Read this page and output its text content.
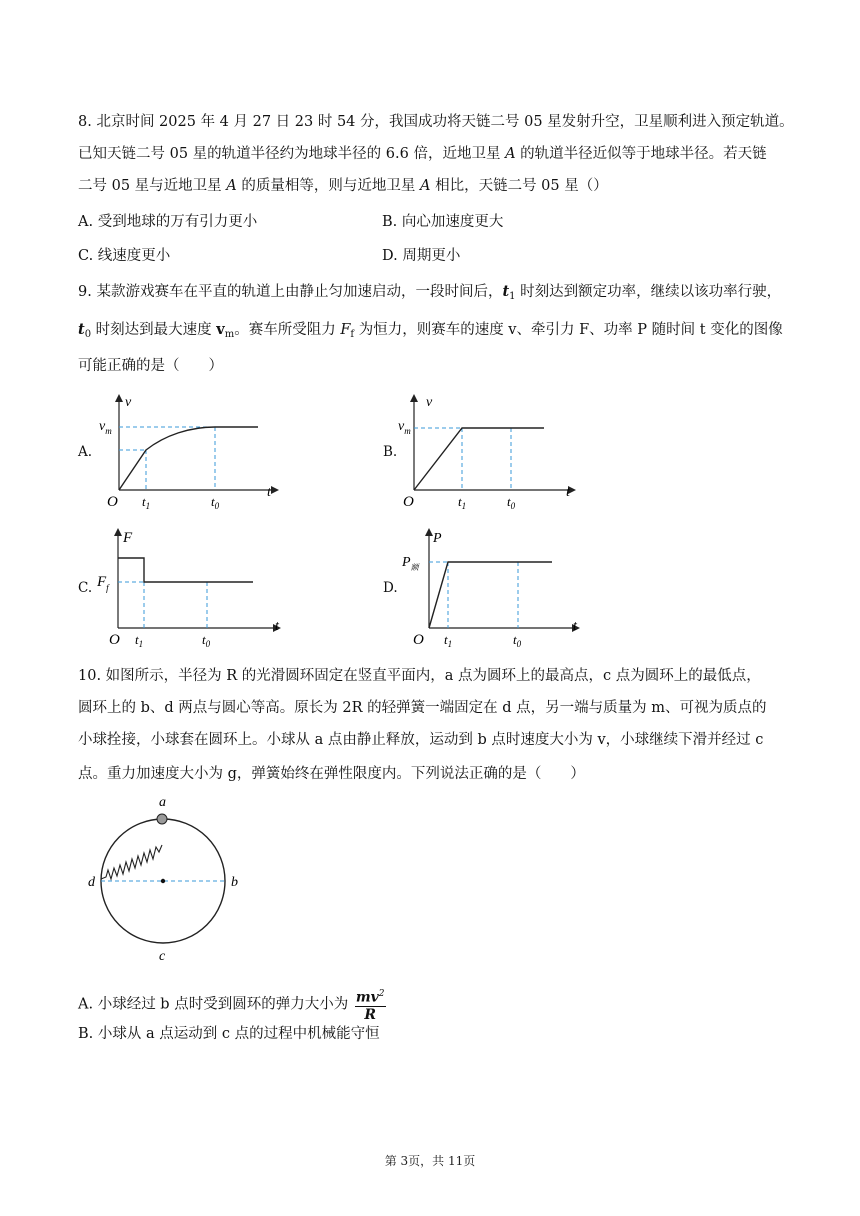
8. 北京时间 2025 年 4 月 27 日 23 时 54 分，我国成功将天链二号 05 星发射升空，卫星顺利进入预定轨道。
已知天链二号 05 星的轨道半径约为地球半径的 6.6 倍，近地卫星 A 的轨道半径近似等于地球半径。若天链
二号 05 星与近地卫星 A 的质量相等，则与近地卫星 A 相比，天链二号 05 星（）
A. 受到地球的万有引力更小	B. 向心加速度更大
C. 线速度更小	D. 周期更小
9. 某款游戏赛车在平直的轨道上由静止匀加速启动，一段时间后，$t_1$ 时刻达到额定功率，继续以该功率行驶，
$t_0$ 时刻达到最大速度 $v_m$。赛车所受阻力 $F_f$ 为恒力，则赛车的速度 v、牵引力 F、功率 P 随时间 t 变化的图像
可能正确的是（　　）
A.
v
$v_m$
O
t
$t_1$	$t_0$
B.
v
$v_m$
O
t
$t_1$	$t_0$
C.
F
$F_f$
O
t
$t_1$	$t_0$
D.
P
$P_额$
O
t
$t_1$	$t_0$
10. 如图所示，半径为 R 的光滑圆环固定在竖直平面内，a 点为圆环上的最高点，c 点为圆环上的最低点，
圆环上的 b、d 两点与圆心等高。原长为 2R 的轻弹簧一端固定在 d 点，另一端与质量为 m、可视为质点的
小球拴接，小球套在圆环上。小球从 a 点由静止释放，运动到 b 点时速度大小为 v，小球继续下滑并经过 c
点。重力加速度大小为 g，弹簧始终在弹性限度内。下列说法正确的是（　　）
a
b
c
d
A. 小球经过 b 点时受到圆环的弹力大小为 $\frac{mv^2}{R}$
B. 小球从 a 点运动到 c 点的过程中机械能守恒
第 3页，共 11页
